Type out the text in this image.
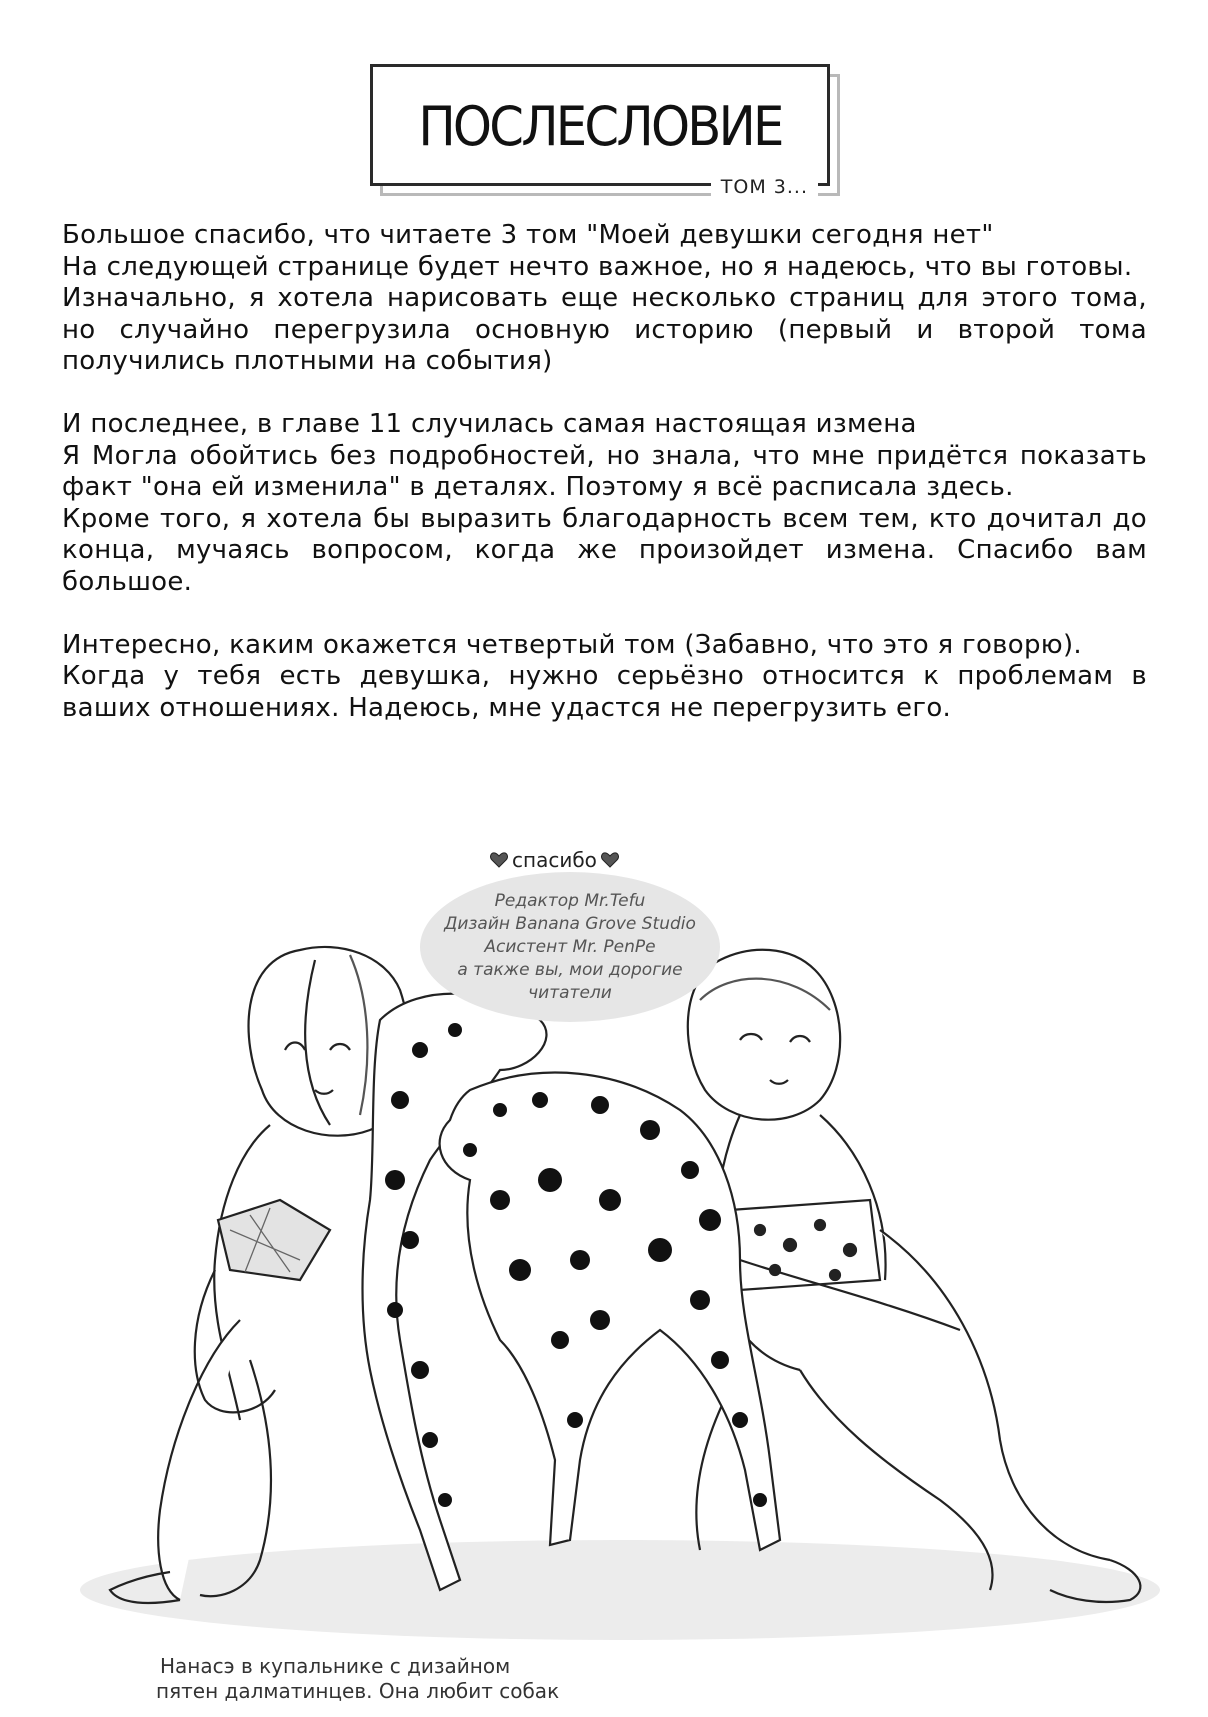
ПОСЛЕСЛОВИЕ
ТОМ 3...

Большое спасибо, что читаете 3 том "Моей девушки сегодня нет"

На следующей странице будет нечто важное, но я надеюсь, что вы готовы.

Изначально, я хотела нарисовать еще несколько страниц для этого тома, но случайно перегрузила основную историю (первый и второй тома получились плотными на события)

И последнее, в главе 11 случилась самая настоящая измена

Я Могла обойтись без подробностей, но знала, что мне придётся показать факт "она ей изменила" в деталях. Поэтому я всё расписала здесь.

Кроме того, я хотела бы выразить благодарность всем тем, кто дочитал до конца, мучаясь вопросом, когда же произойдет измена. Спасибо вам большое.

Интересно, каким окажется четвертый том (Забавно, что это я говорю).

Когда у тебя есть девушка, нужно серьёзно относится к проблемам в ваших отношениях. Надеюсь, мне удастся не перегрузить его.

спасибо
Редактор Mr.Tefu
Дизайн Banana Grove Studio
Асистент Mr. PenPe
а также вы, мои дорогие
читатели

Нанасэ в купальнике с дизайном

пятен далматинцев. Она любит собак
